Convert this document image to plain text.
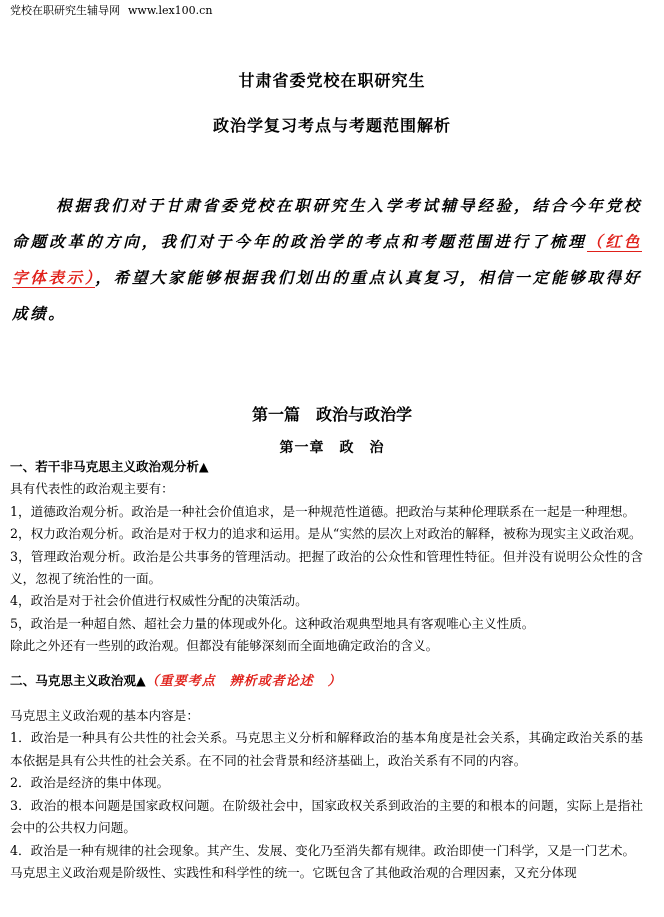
党校在职研究生辅导网 www.lex100.cn
甘肃省委党校在职研究生
政治学复习考点与考题范围解析
根据我们对于甘肃省委党校在职研究生入学考试辅导经验，结合今年党校命题改革的方向，我们对于今年的政治学的考点和考题范围进行了梳理（红色字体表示），希望大家能够根据我们划出的重点认真复习，相信一定能够取得好成绩。
第一篇　政治与政治学
第一章　政　治

一、若干非马克思主义政治观分析▲

具有代表性的政治观主要有：

1，道德政治观分析。政治是一种社会价值追求，是一种规范性道德。把政治与某种伦理联系在一起是一种理想。

2，权力政治观分析。政治是对于权力的追求和运用。是从“实然的层次上对政治的解释，被称为现实主义政治观。

3，管理政治观分析。政治是公共事务的管理活动。把握了政治的公众性和管理性特征。但并没有说明公众性的含义，忽视了统治性的一面。

4，政治是对于社会价值进行权威性分配的决策活动。

5，政治是一种超自然、超社会力量的体现或外化。这种政治观典型地具有客观唯心主义性质。

除此之外还有一些别的政治观。但都没有能够深刻而全面地确定政治的含义。

二、马克思主义政治观▲（重要考点　辨析或者论述　）

马克思主义政治观的基本内容是：

1．政治是一种具有公共性的社会关系。马克思主义分析和解释政治的基本角度是社会关系，其确定政治关系的基本依据是具有公共性的社会关系。在不同的社会背景和经济基础上，政治关系有不同的内容。

2．政治是经济的集中体现。

3．政治的根本问题是国家政权问题。在阶级社会中，国家政权关系到政治的主要的和根本的问题，实际上是指社会中的公共权力问题。

4．政治是一种有规律的社会现象。其产生、发展、变化乃至消失都有规律。政治即使一门科学，又是一门艺术。

马克思主义政治观是阶级性、实践性和科学性的统一。它既包含了其他政治观的合理因素，又充分体现
